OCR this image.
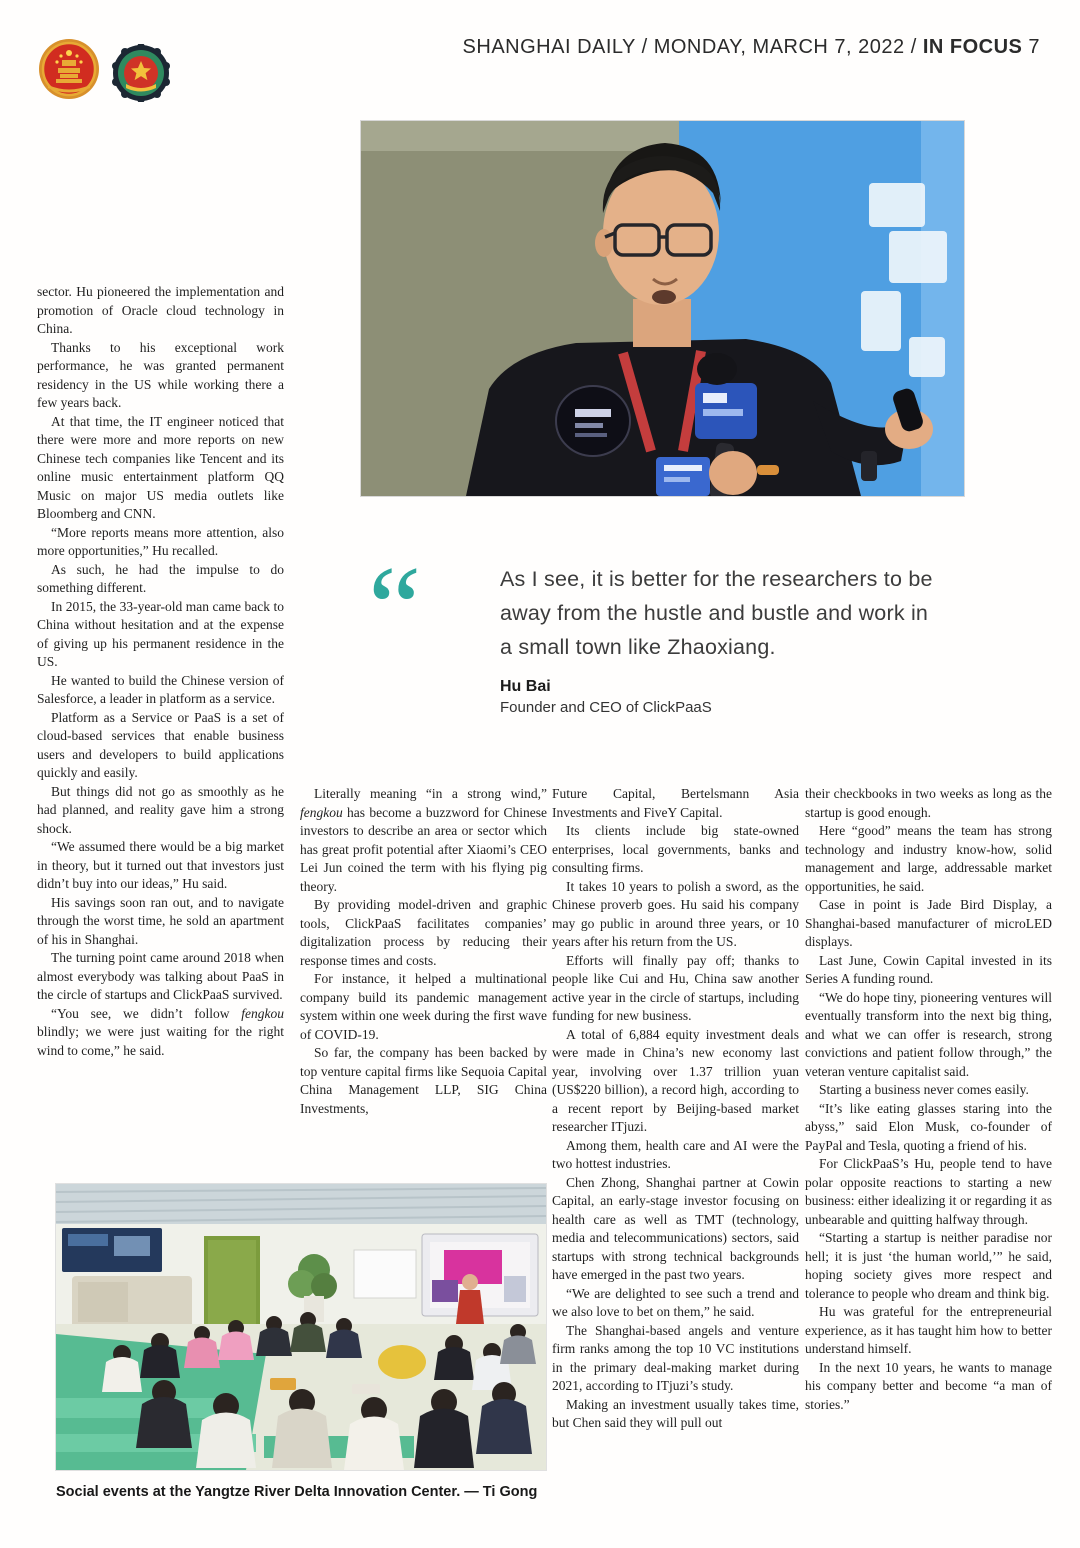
SHANGHAI DAILY / MONDAY, MARCH 7, 2022 / IN FOCUS 7
“	As I see, it is better for the researchers to be away from the hustle and bustle and work in a small town like Zhaoxiang.
Hu Bai
Founder and CEO of ClickPaaS

sector. Hu pioneered the implementation and promotion of Oracle cloud technology in China.

Thanks to his exceptional work performance, he was granted permanent residency in the US while working there a few years back.

At that time, the IT engineer noticed that there were more and more reports on new Chinese tech companies like Tencent and its online music entertainment platform QQ Music on major US media outlets like Bloomberg and CNN.

“More reports means more attention, also more opportunities,” Hu recalled.

As such, he had the impulse to do something different.

In 2015, the 33-year-old man came back to China without hesitation and at the expense of giving up his permanent residence in the US.

He wanted to build the Chinese version of Salesforce, a leader in platform as a service.

Platform as a Service or PaaS is a set of cloud-based services that enable business users and developers to build applications quickly and easily.

But things did not go as smoothly as he had planned, and reality gave him a strong shock.

“We assumed there would be a big market in theory, but it turned out that investors just didn’t buy into our ideas,” Hu said.

His savings soon ran out, and to navigate through the worst time, he sold an apartment of his in Shanghai.

The turning point came around 2018 when almost everybody was talking about PaaS in the circle of startups and ClickPaaS survived.

“You see, we didn’t follow fengkou blindly; we were just waiting for the right wind to come,” he said.

Literally meaning “in a strong wind,” fengkou has become a buzzword for Chinese investors to describe an area or sector which has great profit potential after Xiaomi’s CEO Lei Jun coined the term with his flying pig theory.

By providing model-driven and graphic tools, ClickPaaS facilitates companies’ digitalization process by reducing their response times and costs.

For instance, it helped a multinational company build its pandemic management system within one week during the first wave of COVID-19.

So far, the company has been backed by top venture capital firms like Sequoia Capital China Management LLP, SIG China Investments,

Future Capital, Bertelsmann Asia Investments and FiveY Capital.

Its clients include big state-owned enterprises, local governments, banks and consulting firms.

It takes 10 years to polish a sword, as the Chinese proverb goes. Hu said his company may go public in around three years, or 10 years after his return from the US.

Efforts will finally pay off; thanks to people like Cui and Hu, China saw another active year in the circle of startups, including funding for new business.

A total of 6,884 equity investment deals were made in China’s new economy last year, involving over 1.37 trillion yuan (US$220 billion), a record high, according to a recent report by Beijing-based market researcher ITjuzi.

Among them, health care and AI were the two hottest industries.

Chen Zhong, Shanghai partner at Cowin Capital, an early-stage investor focusing on health care as well as TMT (technology, media and telecommunications) sectors, said startups with strong technical backgrounds have emerged in the past two years.

“We are delighted to see such a trend and we also love to bet on them,” he said.

The Shanghai-based angels and venture firm ranks among the top 10 VC institutions in the primary deal-making market during 2021, according to ITjuzi’s study.

Making an investment usually takes time, but Chen said they will pull out

their checkbooks in two weeks as long as the startup is good enough.

Here “good” means the team has strong technology and industry know-how, solid management and large, addressable market opportunities, he said.

Case in point is Jade Bird Display, a Shanghai-based manufacturer of microLED displays.

Last June, Cowin Capital invested in its Series A funding round.

“We do hope tiny, pioneering ventures will eventually transform into the next big thing, and what we can offer is research, strong convictions and patient follow through,” the veteran venture capitalist said.

Starting a business never comes easily.

“It’s like eating glasses staring into the abyss,” said Elon Musk, co-founder of PayPal and Tesla, quoting a friend of his.

For ClickPaaS’s Hu, people tend to have polar opposite reactions to starting a new business: either idealizing it or regarding it as unbearable and quitting halfway through.

“Starting a startup is neither paradise nor hell; it is just ‘the human world,’” he said, hoping society gives more respect and tolerance to people who dream and think big.

Hu was grateful for the entrepreneurial experience, as it has taught him how to better understand himself.

In the next 10 years, he wants to manage his company better and become “a man of stories.”

Social events at the Yangtze River Delta Innovation Center. — Ti Gong
